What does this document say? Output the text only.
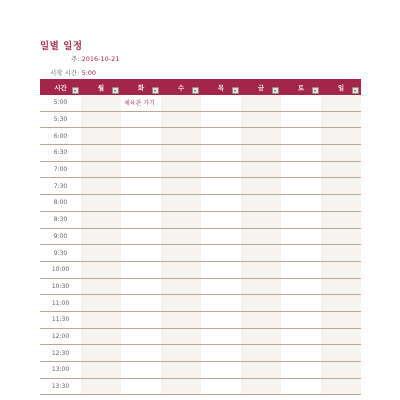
일별 일정
주: 2016-10-21
시작 시간: 5:00
시간	월	화	수	목	금	토	일

5:00		체육관 가기					

5:30							
6:00							
6:30							
7:00							
7:30							
8:00							
8:30							
9:00							
9:30							
10:00							
10:30							
11:00							
11:30							
12:00							
12:30							
13:00							
13:30							
